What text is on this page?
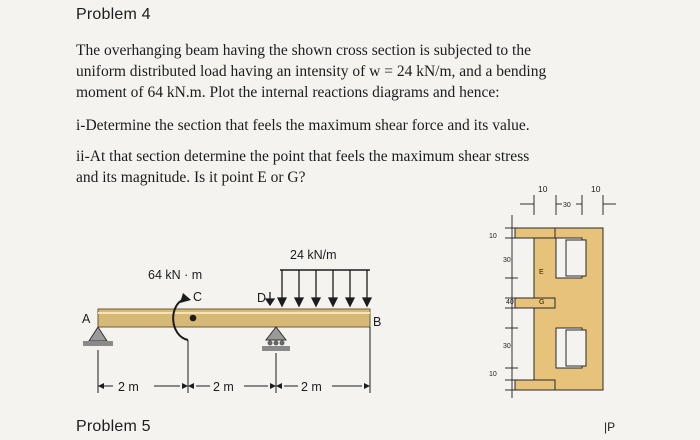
Problem 4

The overhanging beam having the shown cross section is subjected to the
uniform distributed load having an intensity of w = 24 kN/m, and a bending
moment of 64 kN.m. Plot the internal reactions diagrams and hence:

i-Determine the section that feels the maximum shear force and its value.

ii-At that section determine the point that feels the maximum shear stress
and its magnitude. Is it point E or G?

24 kN/m
64 kN · m
C	D
A	B
2 m	2 m	2 m
10	10
30
10
30
40
30
10
E
G
Problem 5	|P
